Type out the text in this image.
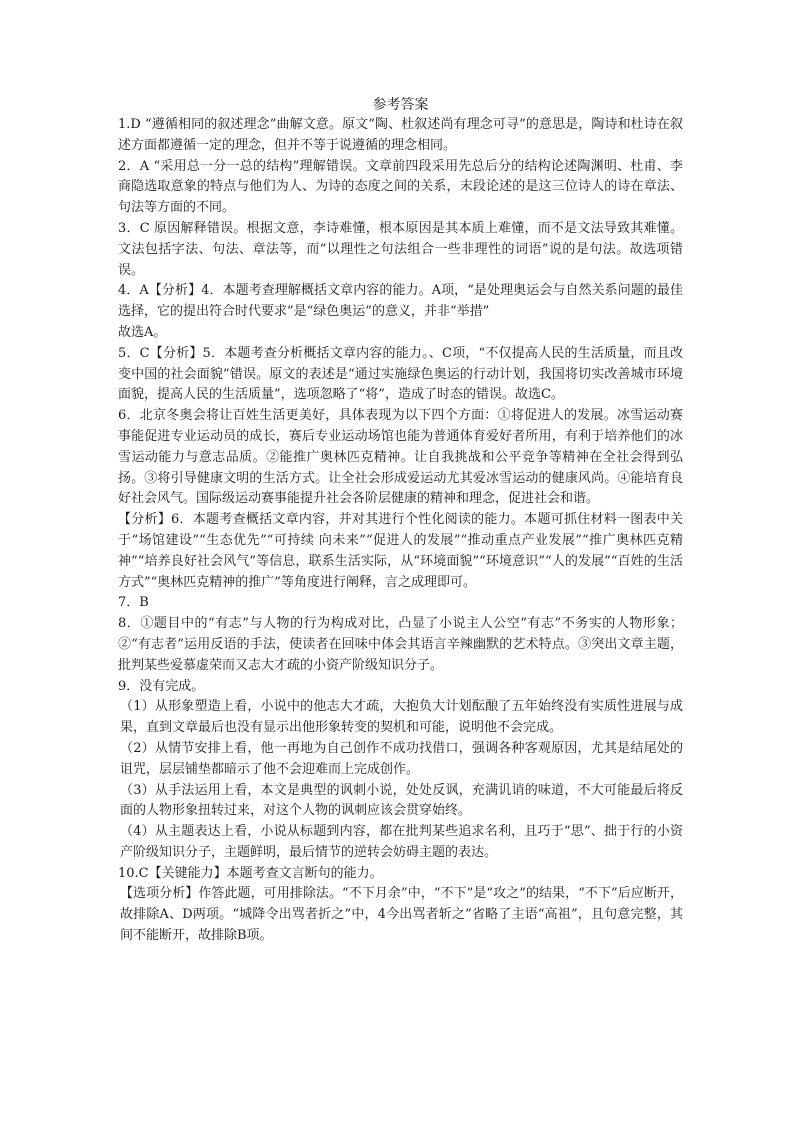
参考答案

1.D “遵循相同的叙述理念”曲解文意。原文“陶、杜叙述尚有理念可寻”的意思是，陶诗和杜诗在叙述方面都遵循一定的理念，但并不等于说遵循的理念相同。

2．A “采用总一分一总的结构”理解错误。文章前四段采用先总后分的结构论述陶渊明、杜甫、李商隐选取意象的特点与他们为人、为诗的态度之间的关系，末段论述的是这三位诗人的诗在章法、句法等方面的不同。

3．C 原因解释错误。根据文意，李诗难懂，根本原因是其本质上难懂，而不是文法导致其难懂。文法包括字法、句法、章法等，而“以理性之句法组合一些非理性的词语”说的是句法。故选项错误。

4．A【分析】4．本题考查理解概括文章内容的能力。A项，“是处理奥运会与自然关系问题的最佳选择，它的提出符合时代要求”是“绿色奥运”的意义，并非“举措”

故选A。

5．C【分析】5．本题考查分析概括文章内容的能力。、C项，“不仅提高人民的生活质量，而且改变中国的社会面貌”错误。原文的表述是“通过实施绿色奥运的行动计划，我国将切实改善城市环境面貌，提高人民的生活质量”，选项忽略了“将”，造成了时态的错误。故选C。

6．北京冬奥会将让百姓生活更美好，具体表现为以下四个方面：①将促进人的发展。冰雪运动赛事能促进专业运动员的成长，赛后专业运动场馆也能为普通体育爱好者所用，有利于培养他们的冰雪运动能力与意志品质。②能推广奥林匹克精神。让自我挑战和公平竞争等精神在全社会得到弘扬。③将引导健康文明的生活方式。让全社会形成爱运动尤其爱冰雪运动的健康风尚。④能培育良好社会风气。国际级运动赛事能提升社会各阶层健康的精神和理念，促进社会和谐。

【分析】6．本题考查概括文章内容，并对其进行个性化阅读的能力。本题可抓住材料一图表中关于“场馆建设”“生态优先”“可持续 向未来”“促进人的发展”“推动重点产业发展”“推广奥林匹克精神”“培养良好社会风气”等信息，联系生活实际，从“环境面貌”“环境意识”“人的发展”“百姓的生活方式”“奥林匹克精神的推广”等角度进行阐释，言之成理即可。

7．B

8．①题目中的“有志”与人物的行为构成对比，凸显了小说主人公空“有志”不务实的人物形象；②“有志者”运用反语的手法，使读者在回味中体会其语言辛辣幽默的艺术特点。③突出文章主题，批判某些爱慕虚荣而又志大才疏的小资产阶级知识分子。

9．没有完成。

（1）从形象塑造上看，小说中的他志大才疏，大抱负大计划酝酿了五年始终没有实质性进展与成果，直到文章最后也没有显示出他形象转变的契机和可能，说明他不会完成。

（2）从情节安排上看，他一再地为自己创作不成功找借口，强调各种客观原因，尤其是结尾处的诅咒，层层铺垫都暗示了他不会迎难而上完成创作。

（3）从手法运用上看，本文是典型的讽刺小说，处处反讽，充满讥诮的味道，不大可能最后将反面的人物形象扭转过来，对这个人物的讽刺应该会贯穿始终。

（4）从主题表达上看，小说从标题到内容，都在批判某些追求名利，且巧于“思”、拙于行的小资产阶级知识分子，主题鲜明，最后情节的逆转会妨碍主题的表达。

10.C【关键能力】本题考查文言断句的能力。

【选项分析】作答此题，可用排除法。“不下月余”中，“不下”是“攻之”的结果，“不下”后应断开，故排除A、D两项。“城降令出骂者折之”中，4今出骂者斩之”省略了主语“高祖”，且句意完整，其间不能断开，故排除B项。
